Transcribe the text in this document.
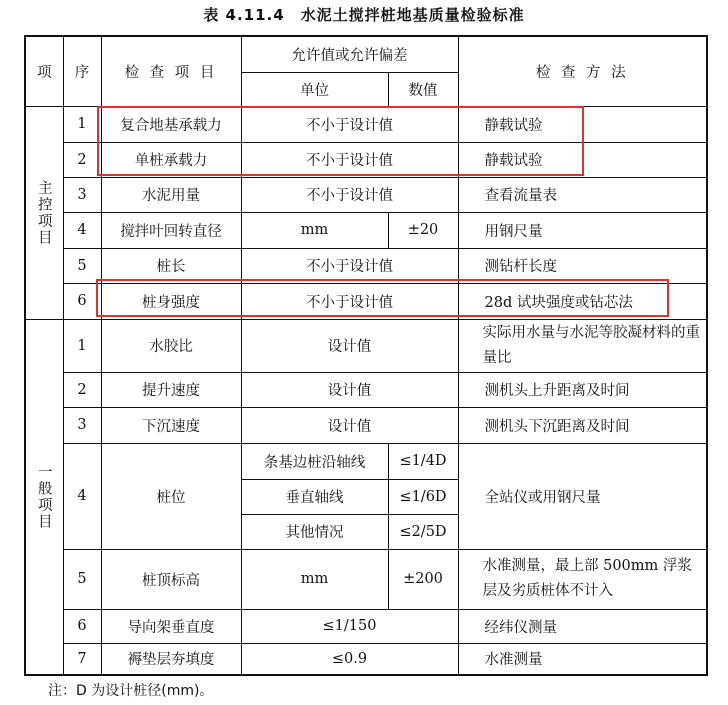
表 4.11.4　水泥土搅拌桩地基质量检验标准
项	序	检 查 项 目	允许值或允许偏差		检 查 方 法
			单位	数值	
主控项目	1	复合地基承载力	不小于设计值		静载试验
	2	单桩承载力	不小于设计值		静载试验
	3	水泥用量	不小于设计值		查看流量表
	4	搅拌叶回转直径	mm	±20	用钢尺量
	5	桩长	不小于设计值		测钻杆长度
	6	桩身强度	不小于设计值		28d 试块强度或钻芯法
一般项目	1	水胶比	设计值		实际用水量与水泥等胶凝材料的重量比
	2	提升速度	设计值		测机头上升距离及时间
	3	下沉速度	设计值		测机头下沉距离及时间
	4	桩位	条基边桩沿轴线	≤1/4D	全站仪或用钢尺量
			垂直轴线	≤1/6D	
			其他情况	≤2/5D	
	5	桩顶标高	mm	±200	水准测量，最上部 500mm 浮浆层及劣质桩体不计入
	6	导向架垂直度	≤1/150		经纬仪测量
	7	褥垫层夯填度	≤0.9		水准测量
注：D 为设计桩径(mm)。
